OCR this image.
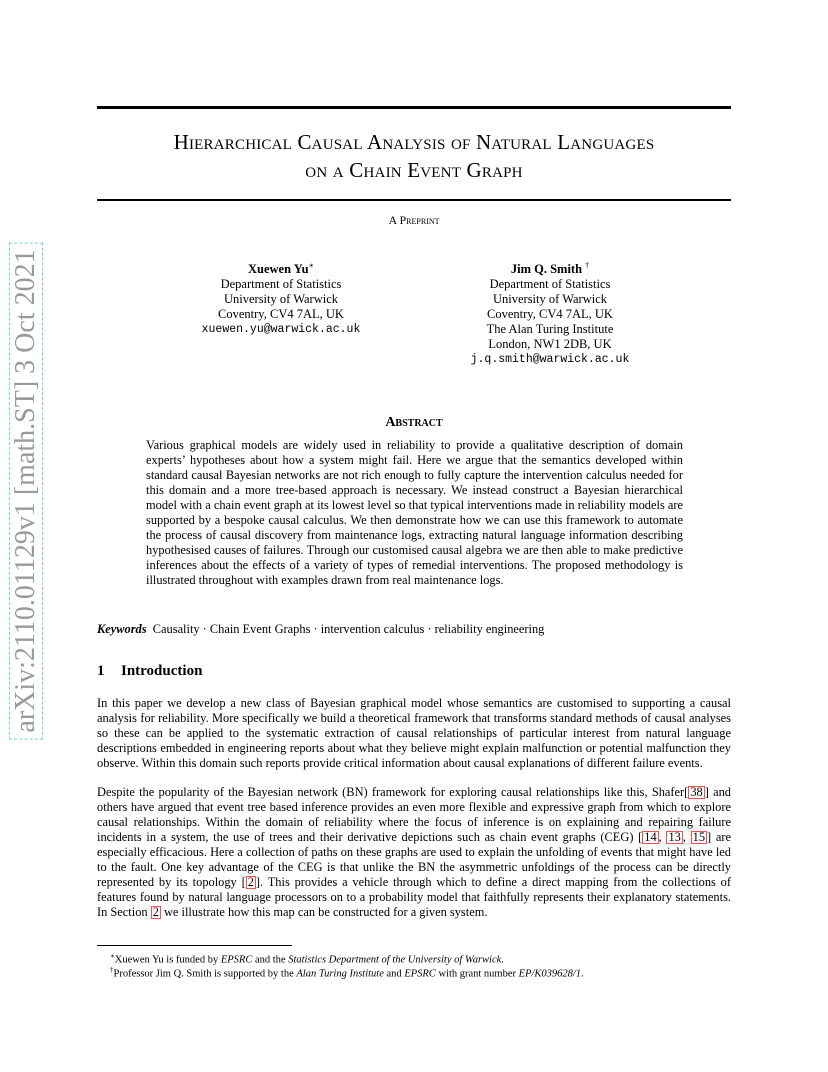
arXiv:2110.01129v1 [math.ST] 3 Oct 2021
Hierarchical Causal Analysis of Natural Languages
on a Chain Event Graph
A Preprint
Xuewen Yu∗
Department of Statistics
University of Warwick
Coventry, CV4 7AL, UK
xuewen.yu@warwick.ac.uk
Jim Q. Smith †
Department of Statistics
University of Warwick
Coventry, CV4 7AL, UK
The Alan Turing Institute
London, NW1 2DB, UK
j.q.smith@warwick.ac.uk
Abstract
Various graphical models are widely used in reliability to provide a qualitative description of domain experts’ hypotheses about how a system might fail. Here we argue that the semantics developed within standard causal Bayesian networks are not rich enough to fully capture the intervention calculus needed for this domain and a more tree-based approach is necessary. We instead construct a Bayesian hierarchical model with a chain event graph at its lowest level so that typical interventions made in reliability models are supported by a bespoke causal calculus. We then demonstrate how we can use this framework to automate the process of causal discovery from maintenance logs, extracting natural language information describing hypothesised causes of failures. Through our customised causal algebra we are then able to make predictive inferences about the effects of a variety of types of remedial interventions. The proposed methodology is illustrated throughout with examples drawn from real maintenance logs.
Keywords Causality · Chain Event Graphs · intervention calculus · reliability engineering
1 Introduction
In this paper we develop a new class of Bayesian graphical model whose semantics are customised to supporting a causal analysis for reliability. More specifically we build a theoretical framework that transforms standard methods of causal analyses so these can be applied to the systematic extraction of causal relationships of particular interest from natural language descriptions embedded in engineering reports about what they believe might explain malfunction or potential malfunction they observe. Within this domain such reports provide critical information about causal explanations of different failure events.
Despite the popularity of the Bayesian network (BN) framework for exploring causal relationships like this, Shafer[ 38 ] and others have argued that event tree based inference provides an even more flexible and expressive graph from which to explore causal relationships. Within the domain of reliability where the focus of inference is on explaining and repairing failure incidents in a system, the use of trees and their derivative depictions such as chain event graphs (CEG) [ 14 , 13 , 15 ] are especially efficacious. Here a collection of paths on these graphs are used to explain the unfolding of events that might have led to the fault. One key advantage of the CEG is that unlike the BN the asymmetric unfoldings of the process can be directly represented by its topology [ 2 ]. This provides a vehicle through which to define a direct mapping from the collections of features found by natural language processors on to a probability model that faithfully represents their explanatory statements. In Section 2 we illustrate how this map can be constructed for a given system.
∗Xuewen Yu is funded by EPSRC and the Statistics Department of the University of Warwick.
†Professor Jim Q. Smith is supported by the Alan Turing Institute and EPSRC with grant number EP/K039628/1.
